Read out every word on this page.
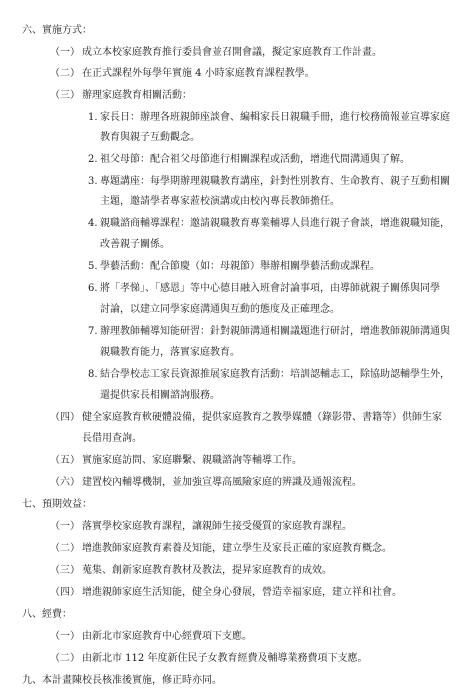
六、實施方式：
（一） 成立本校家庭教育推行委員會並召開會議，擬定家庭教育工作計畫。
（二） 在正式課程外每學年實施 4 小時家庭教育課程教學。
（三） 辦理家庭教育相關活動：
1. 家長日：辦理各班親師座談會、編輯家長日親職手冊，進行校務簡報並宣導家庭
教育與親子互動觀念。
2. 祖父母節：配合祖父母節進行相關課程或活動，增進代間溝通與了解。
3. 專題講座：每學期辦理親職教育講座，針對性別教育、生命教育、親子互動相關
主題，邀請學者專家蒞校演講或由校內專長教師擔任。
4. 親職諮商輔導課程：邀請親職教育專業輔導人員進行親子會談，增進親職知能，
改善親子關係。
5. 學藝活動：配合節慶（如：母親節）舉辦相關學藝活動或課程。
6. 將「孝悌」、「感恩」等中心德目融入班會討論事項，由導師就親子關係與同學
討論，以建立同學家庭溝通與互動的態度及正確理念。
7. 辦理教師輔導知能研習：針對親師溝通相關議題進行研討，增進教師親師溝通與
親職教育能力，落實家庭教育。
8. 結合學校志工家長資源推展家庭教育活動：培訓認輔志工，除協助認輔學生外，
還提供家長相關諮詢服務。
（四） 健全家庭教育軟硬體設備，提供家庭教育之教學媒體（錄影帶、書籍等）供師生家
長借用查詢。
（五） 實施家庭訪問、家庭聯繫、親職諮詢等輔導工作。
（六） 建置校內輔導機制，並加強宣導高風險家庭的辨識及通報流程。
七、預期效益：
（一） 落實學校家庭教育課程，讓親師生接受優質的家庭教育課程。
（二） 增進教師家庭教育素養及知能，建立學生及家長正確的家庭教育概念。
（三） 蒐集、創新家庭教育教材及教法，提昇家庭教育的成效。
（四） 增進親師家庭生活知能，健全身心發展，營造幸福家庭，建立祥和社會。
八、經費：
（一） 由新北市家庭教育中心經費項下支應。
（二） 由新北市 112 年度新住民子女教育經費及輔導業務費項下支應。
九、本計畫陳校長核准後實施，修正時亦同。
